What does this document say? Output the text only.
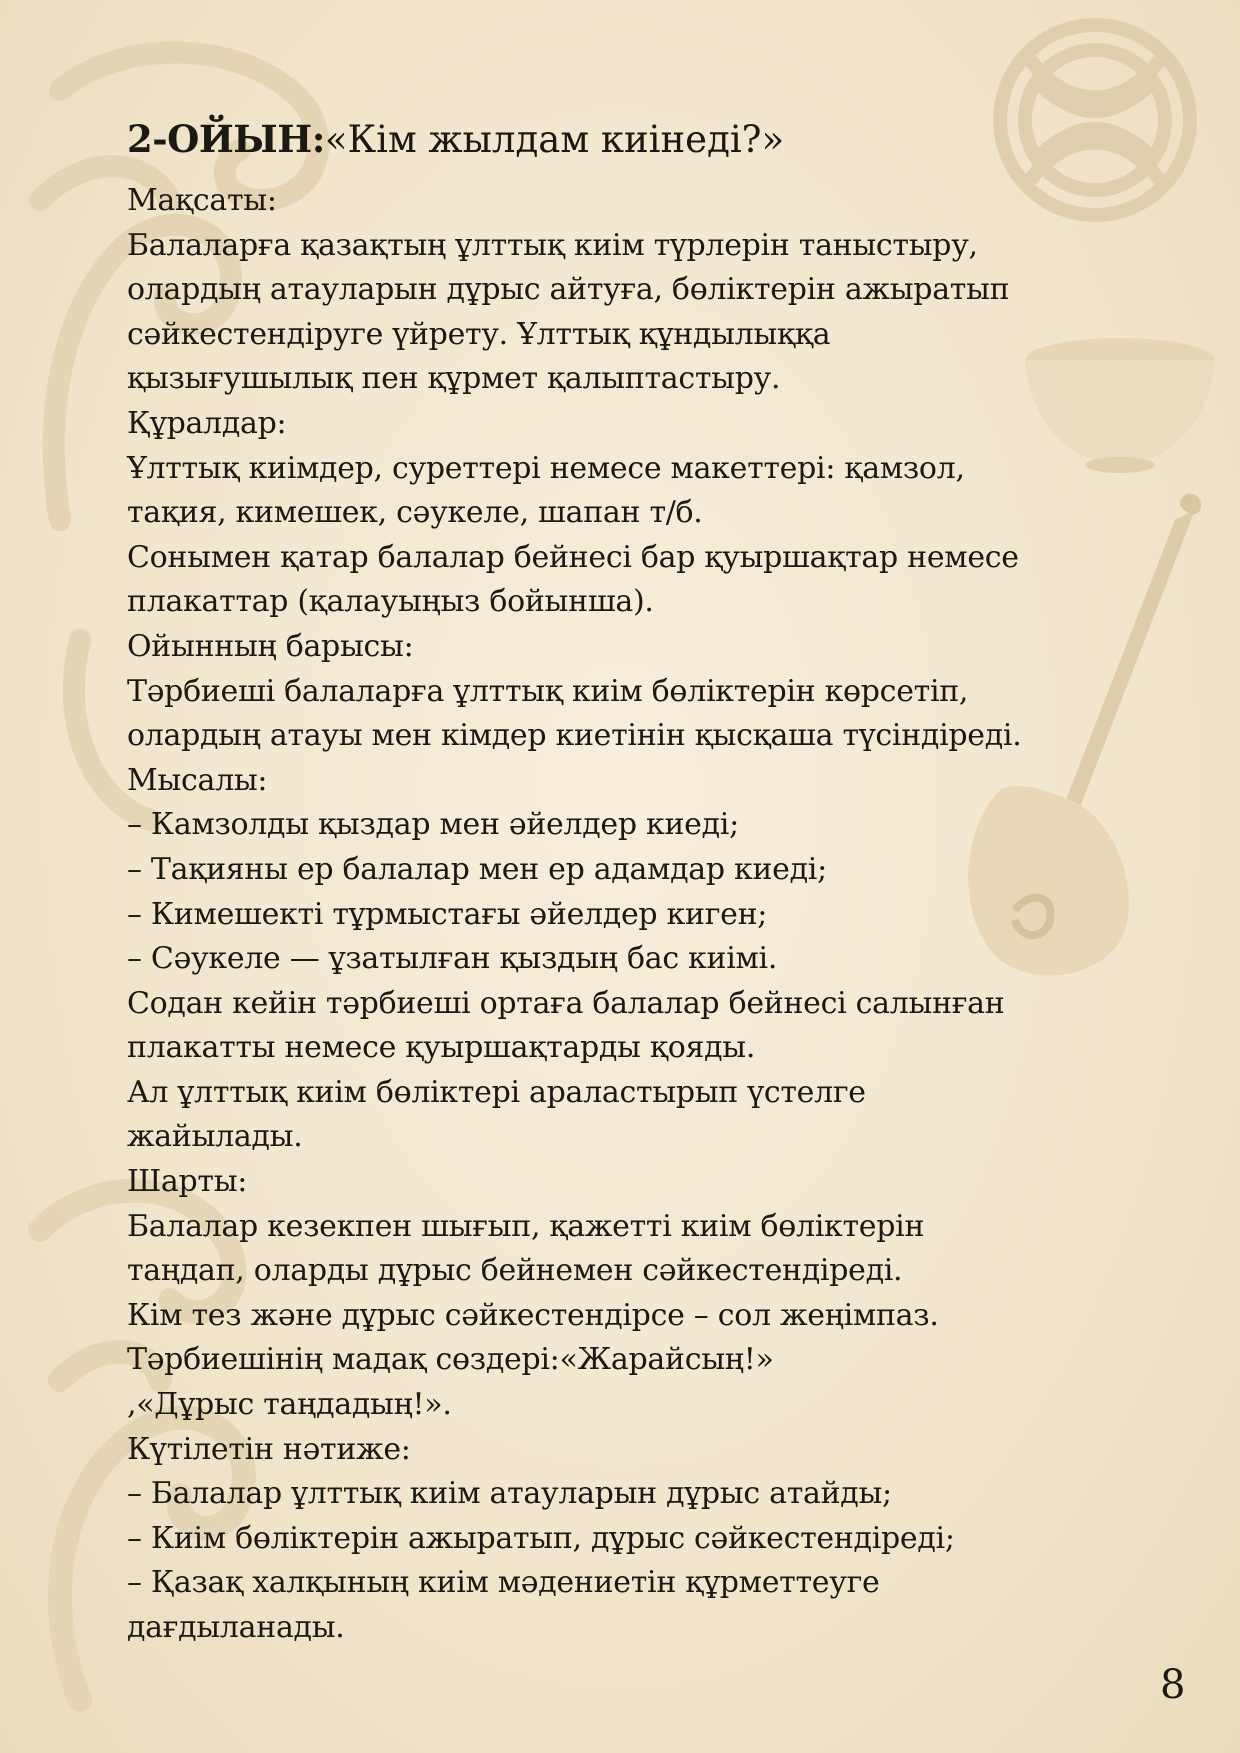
2-ОЙЫН:«Кім жылдам киінеді?»
Мақсаты:
Балаларға қазақтың ұлттық киім түрлерін таныстыру,
олардың атауларын дұрыс айтуға, бөліктерін ажыратып
сәйкестендіруге үйрету. Ұлттық құндылыққа
қызығушылық пен құрмет қалыптастыру.
Құралдар:
Ұлттық киімдер, суреттері немесе макеттері: қамзол,
тақия, кимешек, сәукеле, шапан т/б.
Сонымен қатар балалар бейнесі бар қуыршақтар немесе
плакаттар (қалауыңыз бойынша).
Ойынның барысы:
Тәрбиеші балаларға ұлттық киім бөліктерін көрсетіп,
олардың атауы мен кімдер киетінін қысқаша түсіндіреді.
Мысалы:
– Камзолды қыздар мен әйелдер киеді;
– Тақияны ер балалар мен ер адамдар киеді;
– Кимешекті тұрмыстағы әйелдер киген;
– Сәукеле — ұзатылған қыздың бас киімі.
Содан кейін тәрбиеші ортаға балалар бейнесі салынған
плакатты немесе қуыршақтарды қояды.
Ал ұлттық киім бөліктері араластырып үстелге
жайылады.
Шарты:
Балалар кезекпен шығып, қажетті киім бөліктерін
таңдап, оларды дұрыс бейнемен сәйкестендіреді.
Кім тез және дұрыс сәйкестендірсе – сол жеңімпаз.
Тәрбиешінің мадақ сөздері:«Жарайсың!»
,«Дұрыс таңдадың!».
Күтілетін нәтиже:
– Балалар ұлттық киім атауларын дұрыс атайды;
– Киім бөліктерін ажыратып, дұрыс сәйкестендіреді;
– Қазақ халқының киім мәдениетін құрметтеуге
дағдыланады.
8
